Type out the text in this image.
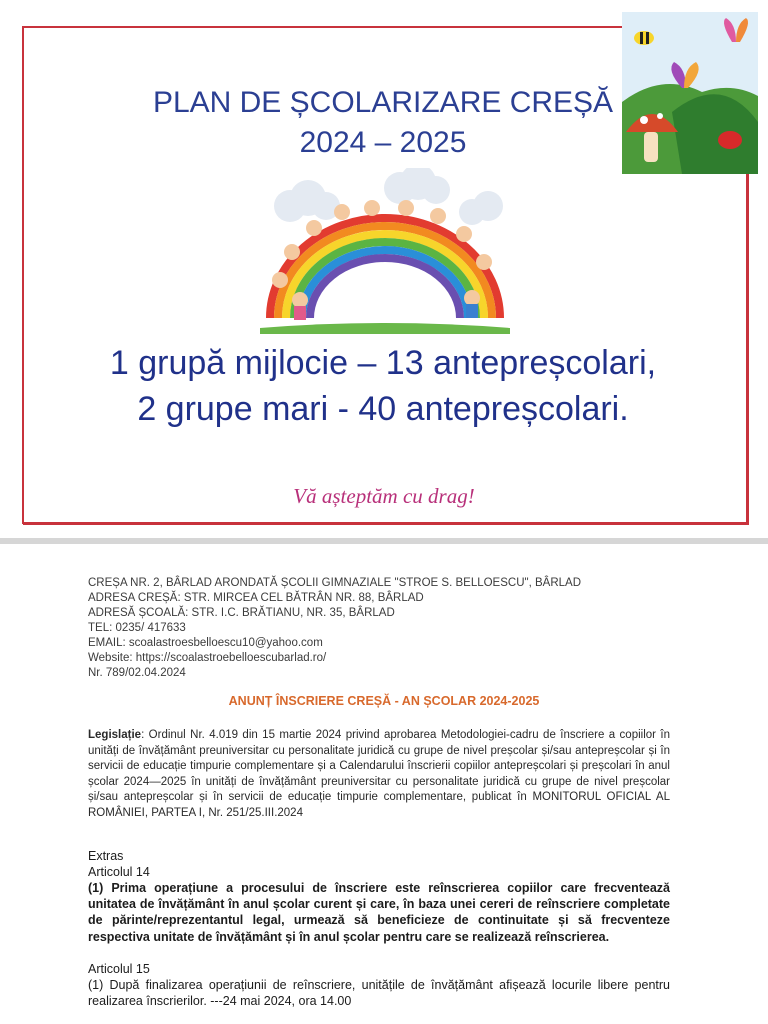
PLAN DE ȘCOLARIZARE CREȘĂ
2024 – 2025
1 grupă mijlocie – 13 antepreșcolari,
2 grupe mari - 40 antepreșcolari.
Vă așteptăm cu drag!
CREȘA NR. 2, BÂRLAD ARONDATĂ ȘCOLII GIMNAZIALE "STROE S. BELLOESCU", BÂRLAD
ADRESA CREȘĂ: STR. MIRCEA CEL BĂTRÂN NR. 88, BÂRLAD
ADRESĂ ȘCOALĂ: STR. I.C. BRĂTIANU, NR. 35, BÂRLAD
TEL: 0235/ 417633
EMAIL: scoalastroesbelloescu10@yahoo.com
Website: https://scoalastroebelloescubarlad.ro/
Nr. 789/02.04.2024
ANUNȚ ÎNSCRIERE CREȘĂ - AN ȘCOLAR 2024-2025
Legislație: Ordinul Nr. 4.019 din 15 martie 2024 privind aprobarea Metodologiei-cadru de înscriere a copiilor în unități de învățământ preuniversitar cu personalitate juridică cu grupe de nivel preșcolar și/sau antepreșcolar și în servicii de educație timpurie complementare și a Calendarului înscrierii copiilor antepreșcolari și preșcolari în anul școlar 2024—2025 în unități de învățământ preuniversitar cu personalitate juridică cu grupe de nivel preșcolar și/sau antepreșcolar și în servicii de educație timpurie complementare, publicat în MONITORUL OFICIAL AL ROMÂNIEI, PARTEA I, Nr. 251/25.III.2024
Extras
Articolul 14
(1) Prima operațiune a procesului de înscriere este reînscrierea copiilor care frecventează unitatea de învățământ în anul școlar curent și care, în baza unei cereri de reînscriere completate de părinte/reprezentantul legal, urmează să beneficieze de continuitate și să frecventeze respectiva unitate de învățământ și în anul școlar pentru care se realizează reînscrierea.
Articolul 15
(1) După finalizarea operațiunii de reînscriere, unitățile de învățământ afișează locurile libere pentru realizarea înscrierilor. ---24 mai 2024, ora 14.00
